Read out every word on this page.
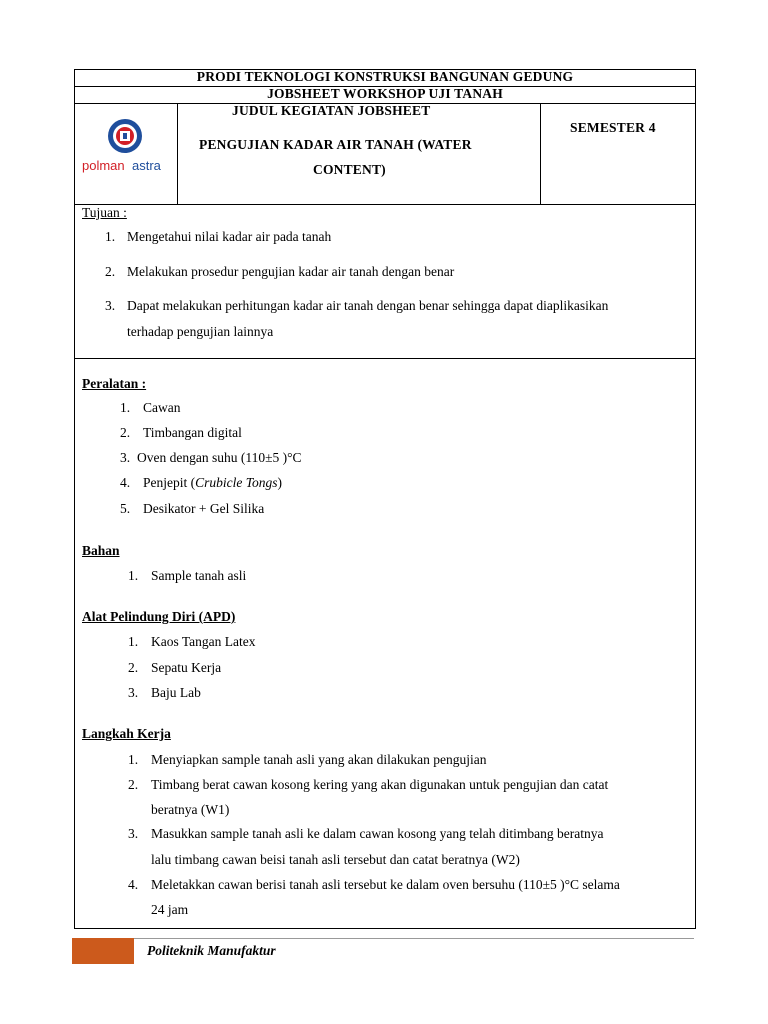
PRODI TEKNOLOGI KONSTRUKSI BANGUNAN GEDUNG
JOBSHEET WORKSHOP UJI TANAH
JUDUL KEGIATAN JOBSHEET
PENGUJIAN KADAR AIR TANAH (WATER
CONTENT)
SEMESTER 4
polman astra
Tujuan :
1. Mengetahui nilai kadar air pada tanah
2. Melakukan prosedur pengujian kadar air tanah dengan benar
3. Dapat melakukan perhitungan kadar air tanah dengan benar sehingga dapat diaplikasikan
terhadap pengujian lainnya
Peralatan :
1. Cawan
2. Timbangan digital
3. Oven dengan suhu (110±5 )°C
4. Penjepit (Crubicle Tongs)
5. Desikator + Gel Silika
Bahan
1. Sample tanah asli
Alat Pelindung Diri (APD)
1. Kaos Tangan Latex
2. Sepatu Kerja
3. Baju Lab
Langkah Kerja
1. Menyiapkan sample tanah asli yang akan dilakukan pengujian
2. Timbang berat cawan kosong kering yang akan digunakan untuk pengujian dan catat
beratnya (W1)
3. Masukkan sample tanah asli ke dalam cawan kosong yang telah ditimbang beratnya
lalu timbang cawan beisi tanah asli tersebut dan catat beratnya (W2)
4. Meletakkan cawan berisi tanah asli tersebut ke dalam oven bersuhu (110±5 )°C selama
24 jam
Politeknik Manufaktur
